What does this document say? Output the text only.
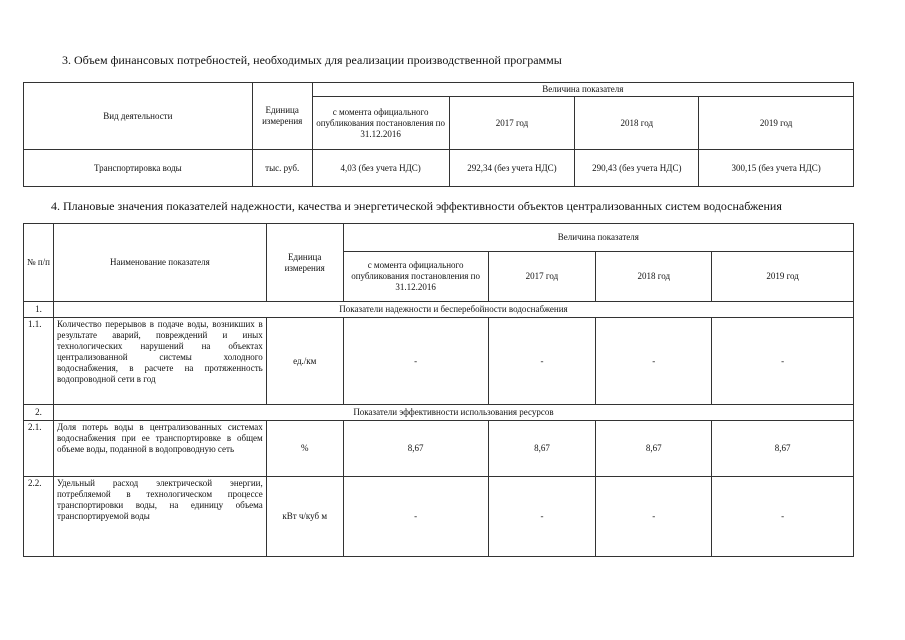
3. Объем финансовых потребностей, необходимых для реализации производственной программы
Вид деятельности	Единица измерения	Величина показателя			
		с момента официального опубликования постановления по 31.12.2016	2017 год	2018 год	2019 год
Транспортировка воды	тыс. руб.	4,03 (без учета НДС)	292,34 (без учета НДС)	290,43 (без учета НДС)	300,15 (без учета НДС)
4. Плановые значения показателей надежности, качества и энергетической эффективности объектов централизованных систем водоснабжения
№ п/п	Наименование показателя	Единица измерения	Величина показателя			
			с момента официального опубликования постановления по 31.12.2016	2017 год	2018 год	2019 год
1.	Показатели надежности и бесперебойности водоснабжения					
1.1.	Количество перерывов в подаче воды, возникших в результате аварий, повреждений и иных технологических нарушений на объектах централизованной системы холодного водоснабжения, в расчете на протяженность водопроводной сети в год	ед./км	-	-	-	-
2.	Показатели эффективности использования ресурсов					
2.1.	Доля потерь воды в централизованных системах водоснабжения при ее транспортировке в общем объеме воды, поданной в водопроводную сеть	%	8,67	8,67	8,67	8,67
2.2.	Удельный расход электрической энергии, потребляемой в технологическом процессе транспортировки воды, на единицу объема транспортируемой воды	кВт ч/куб м	-	-	-	-
